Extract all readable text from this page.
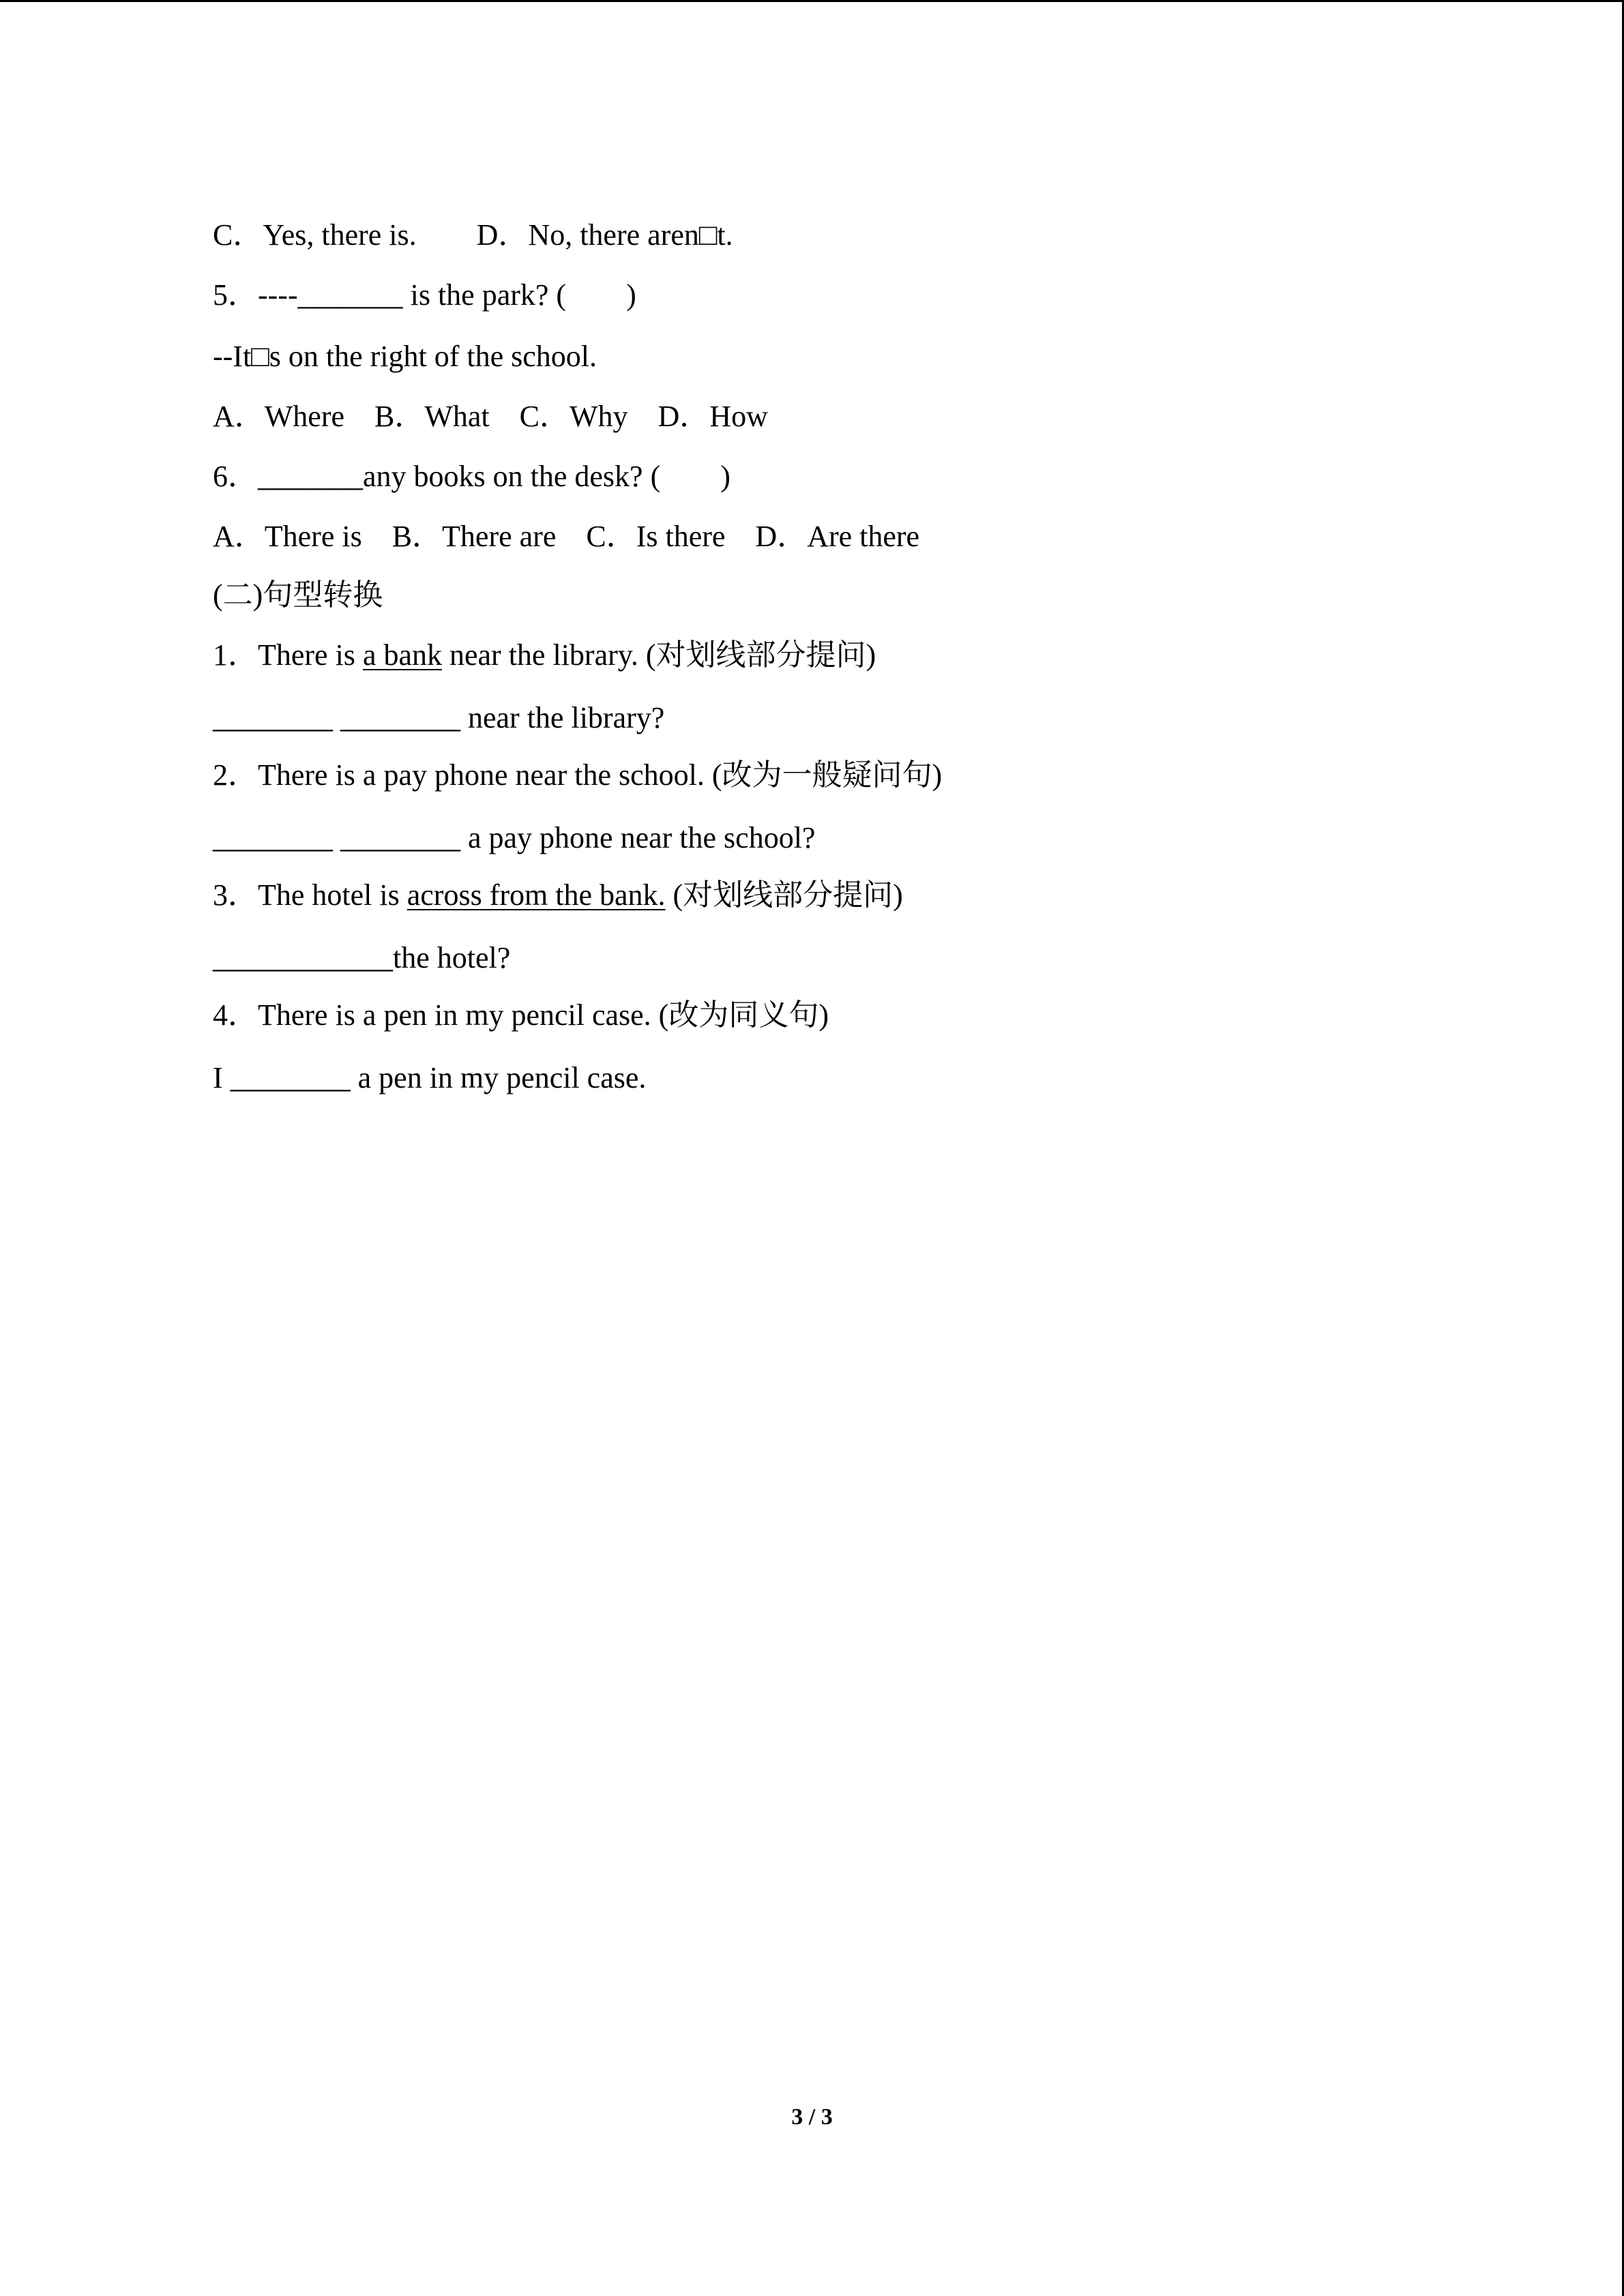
C．Yes, there is.        D．No, there aren□t.
5．----_______ is the park? (        )
--It□s on the right of the school.
A．Where    B．What    C．Why    D．How
6．_______any books on the desk? (        )
A．There is    B．There are    C．Is there    D．Are there
(二)句型转换
1．There is a bank near the library. (对划线部分提问)
________ ________ near the library?
2．There is a pay phone near the school. (改为一般疑问句)
________ ________ a pay phone near the school?
3．The hotel is across from the bank. (对划线部分提问)
____________the hotel?
4．There is a pen in my pencil case. (改为同义句)
I ________ a pen in my pencil case.
3 / 3
